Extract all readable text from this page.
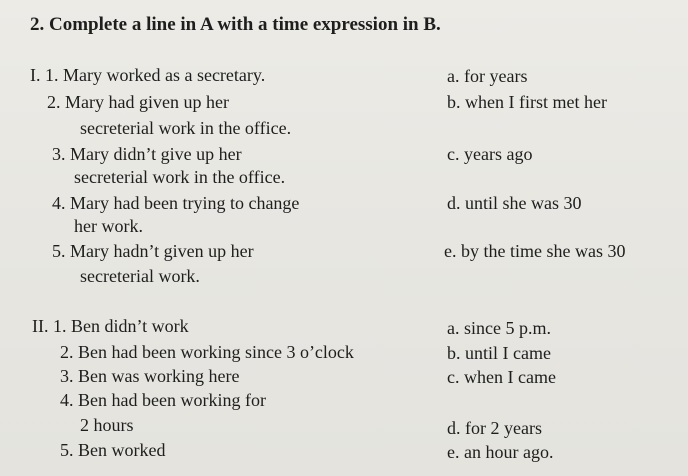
2. Complete a line in A with a time expression in B.
I. 1. Mary worked as a secretary.
2. Mary had given up her
secreterial work in the office.
3. Mary didn’t give up her
secreterial work in the office.
4. Mary had been trying to change
her work.
5. Mary hadn’t given up her
secreterial work.
a. for years
b. when I first met her
c. years ago
d. until she was 30
e. by the time she was 30
II. 1. Ben didn’t work
2. Ben had been working since 3 o’clock
3. Ben was working here
4. Ben had been working for
2 hours
5. Ben worked
a. since 5 p.m.
b. until I came
c. when I came
d. for 2 years
e. an hour ago.
